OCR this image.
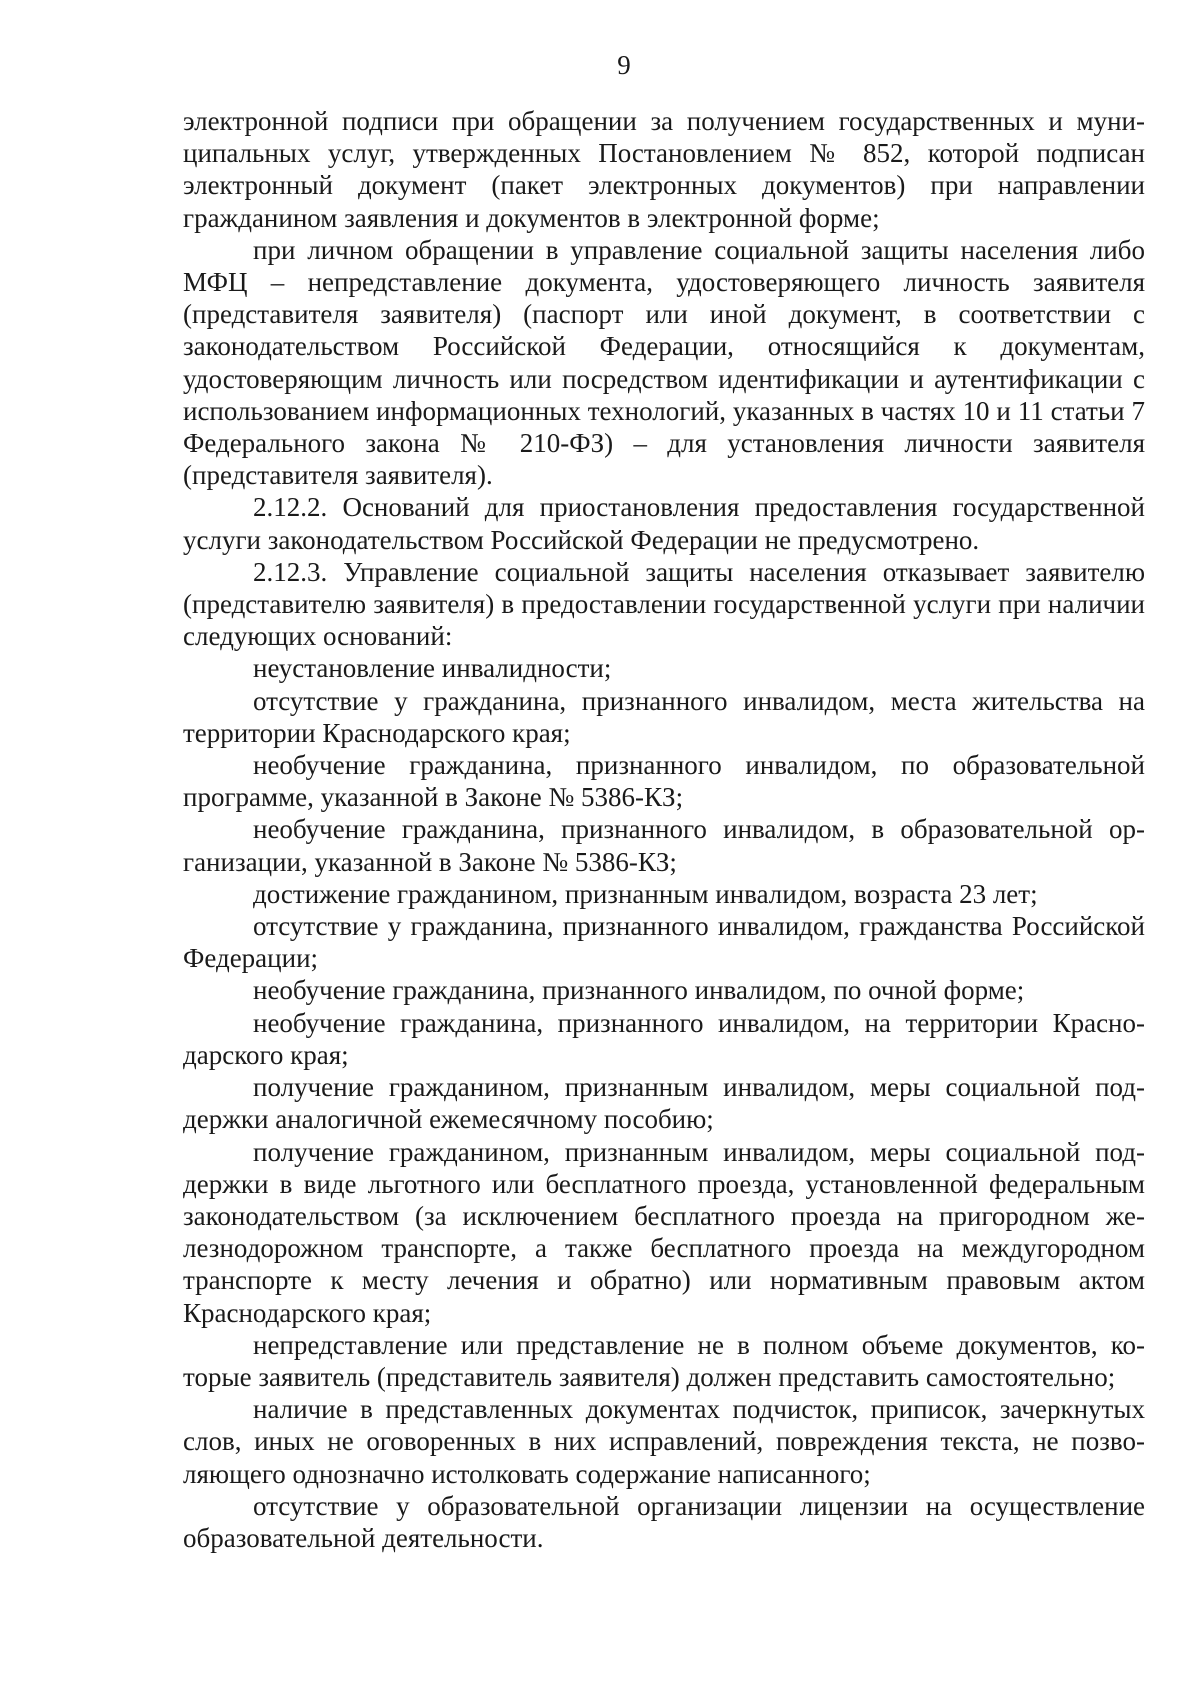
9

электронной подписи при обращении за получением государственных и муниципальных услуг, утвержденных Постановлением № 852, которой подписан электронный документ (пакет электронных документов) при направлении гражданином заявления и документов в электронной форме;

при личном обращении в управление социальной защиты населения либо МФЦ – непредставление документа, удостоверяющего личность заявителя (представителя заявителя) (паспорт или иной документ, в соответствии с законодательством Российской Федерации, относящийся к документам, удостоверяющим личность или посредством идентификации и аутентификации с использованием информационных технологий, указанных в частях 10 и 11 статьи 7 Федерального закона № 210-ФЗ) – для установления личности заявителя (представителя заявителя).

2.12.2. Оснований для приостановления предоставления государственной услуги законодательством Российской Федерации не предусмотрено.

2.12.3. Управление социальной защиты населения отказывает заявителю (представителю заявителя) в предоставлении государственной услуги при наличии следующих оснований:

неустановление инвалидности;

отсутствие у гражданина, признанного инвалидом, места жительства на территории Краснодарского края;

необучение гражданина, признанного инвалидом, по образовательной программе, указанной в Законе № 5386-КЗ;

необучение гражданина, признанного инвалидом, в образовательной организации, указанной в Законе № 5386-КЗ;

достижение гражданином, признанным инвалидом, возраста 23 лет;

отсутствие у гражданина, признанного инвалидом, гражданства Российской Федерации;

необучение гражданина, признанного инвалидом, по очной форме;

необучение гражданина, признанного инвалидом, на территории Краснодарского края;

получение гражданином, признанным инвалидом, меры социальной поддержки аналогичной ежемесячному пособию;

получение гражданином, признанным инвалидом, меры социальной поддержки в виде льготного или бесплатного проезда, установленной федеральным законодательством (за исключением бесплатного проезда на пригородном железнодорожном транспорте, а также бесплатного проезда на междугородном транспорте к месту лечения и обратно) или нормативным правовым актом Краснодарского края;

непредставление или представление не в полном объеме документов, которые заявитель (представитель заявителя) должен представить самостоятельно;

наличие в представленных документах подчисток, приписок, зачеркнутых слов, иных не оговоренных в них исправлений, повреждения текста, не позволяющего однозначно истолковать содержание написанного;

отсутствие у образовательной организации лицензии на осуществление образовательной деятельности.
